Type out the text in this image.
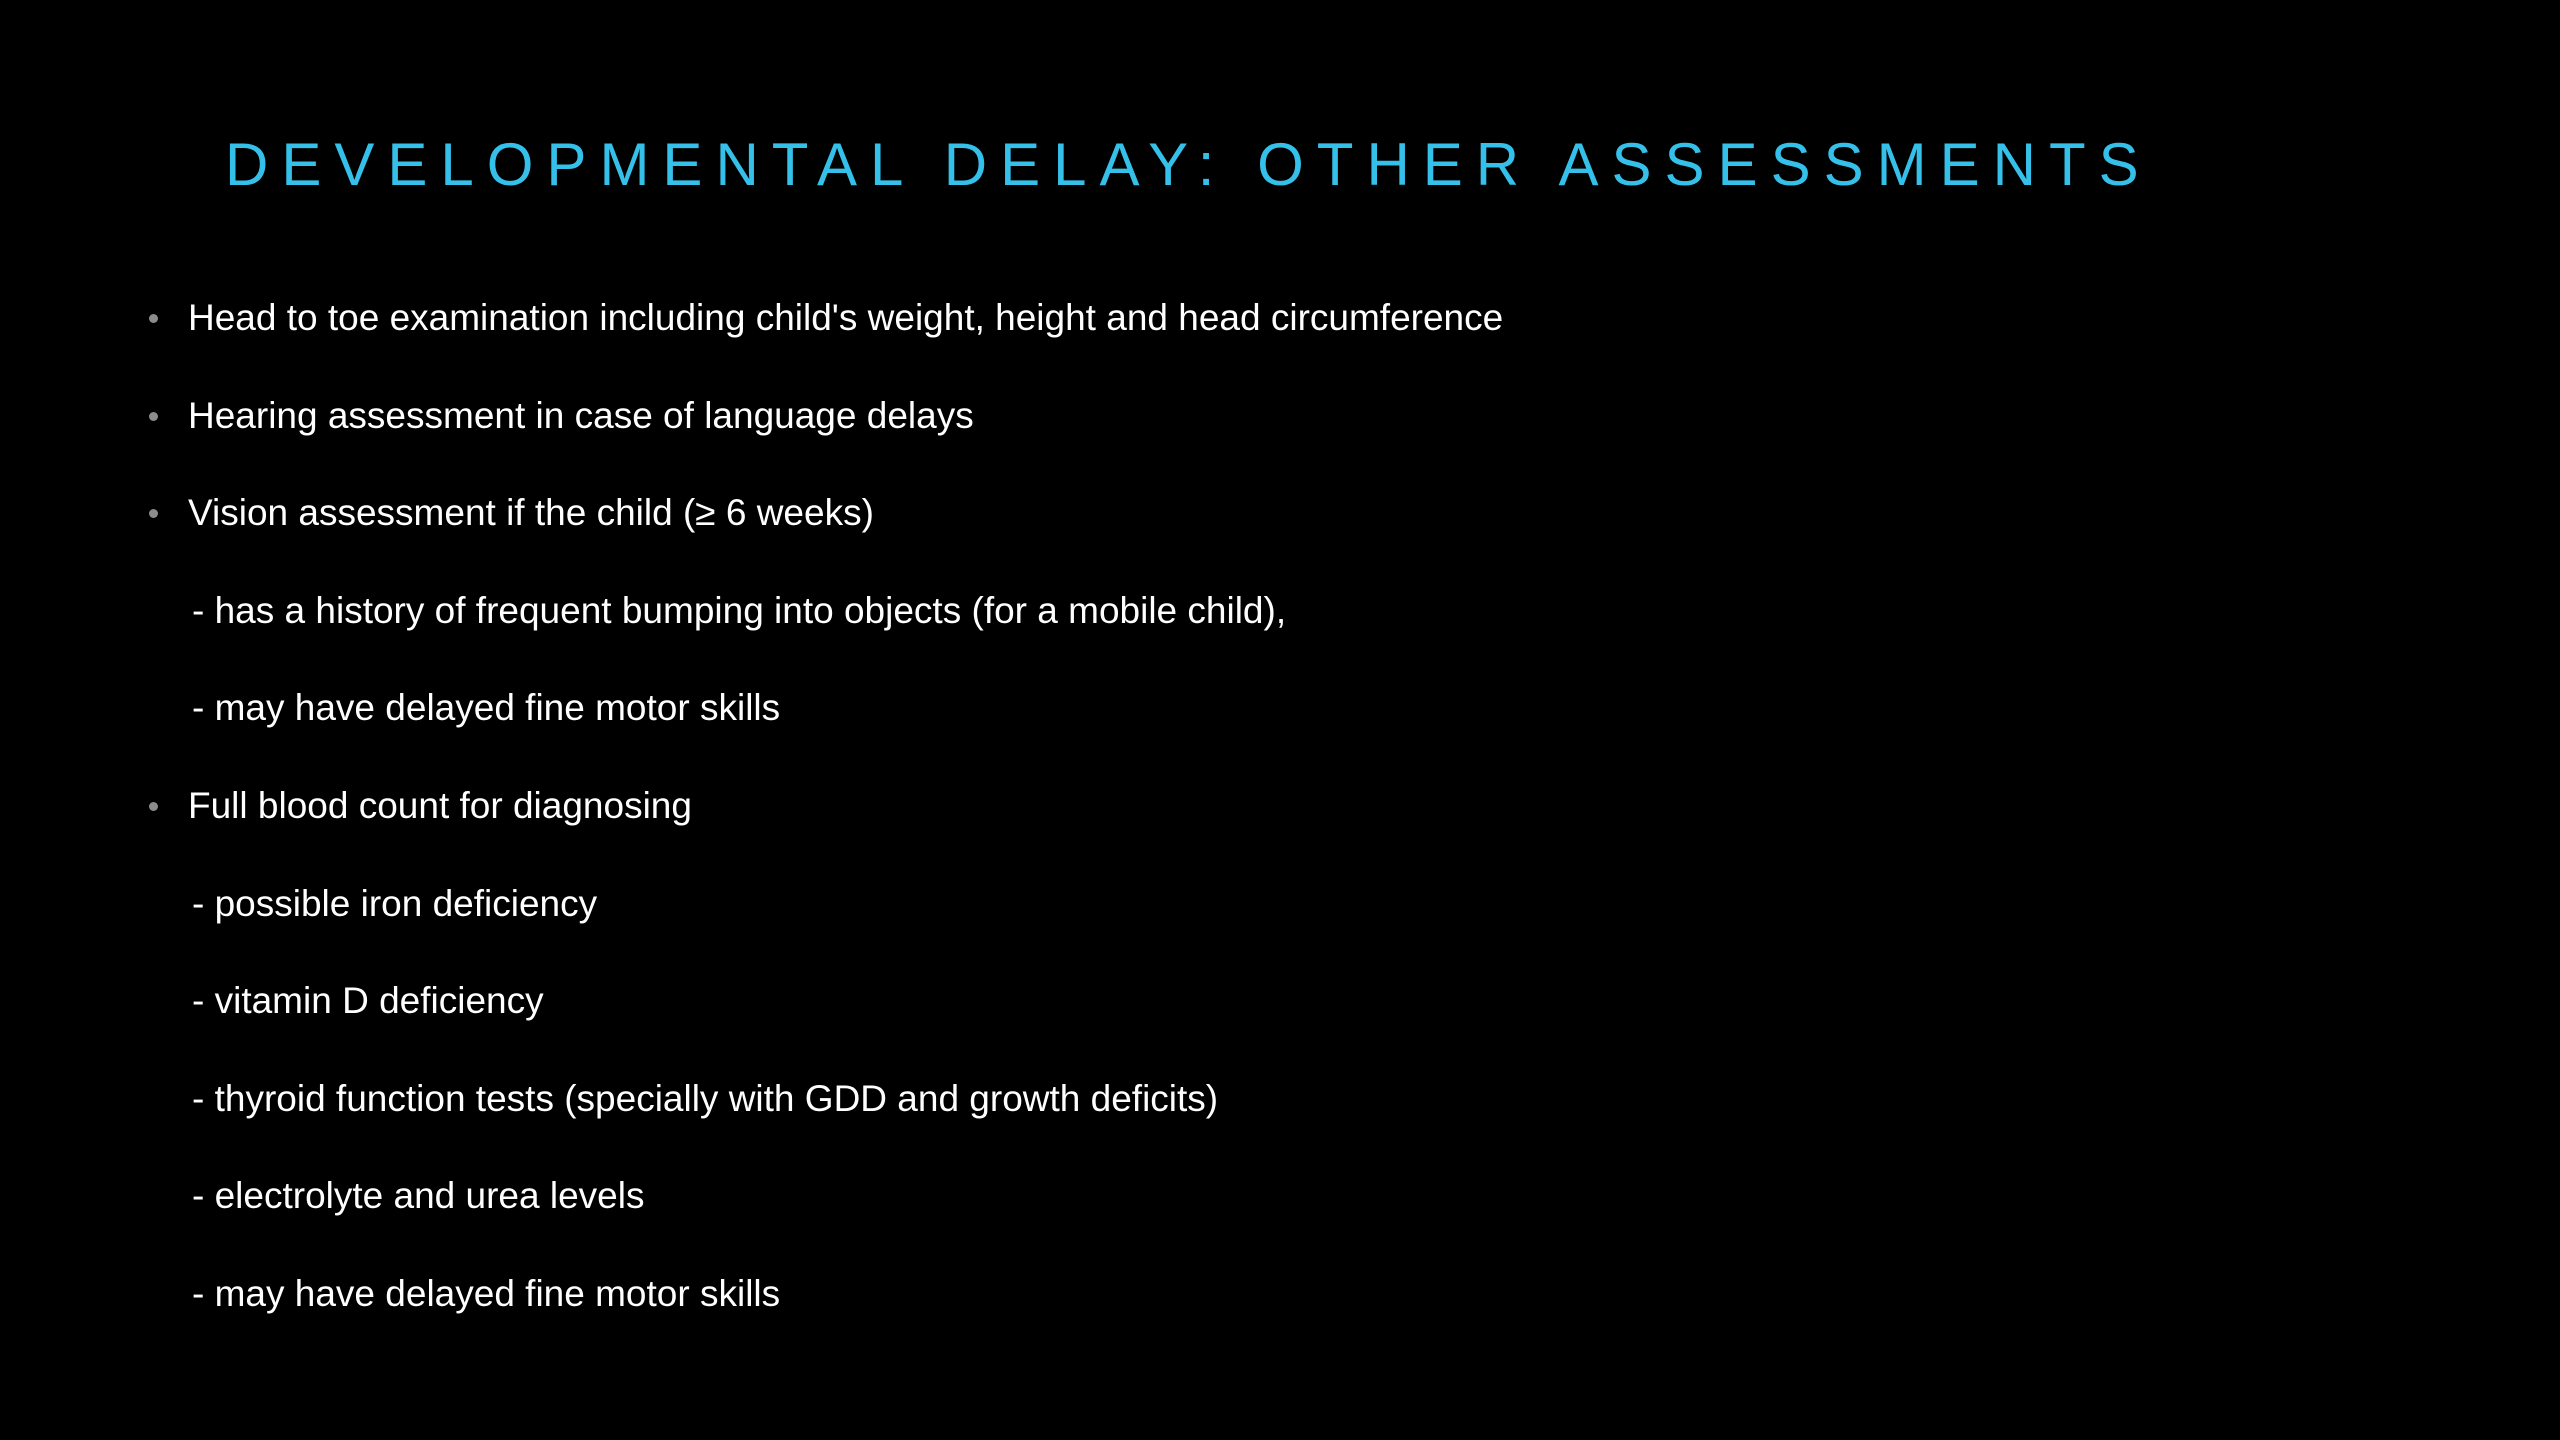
DEVELOPMENTAL DELAY: OTHER ASSESSMENTS
Head to toe examination including child's weight, height and head circumference
Hearing assessment in case of language delays
Vision assessment if the child (≥ 6 weeks)
- has a history of frequent bumping into objects (for a mobile child),
- may have delayed fine motor skills
Full blood count for diagnosing
- possible iron deficiency
- vitamin D deficiency
- thyroid function tests (specially with GDD and growth deficits)
- electrolyte and urea levels
- may have delayed fine motor skills
